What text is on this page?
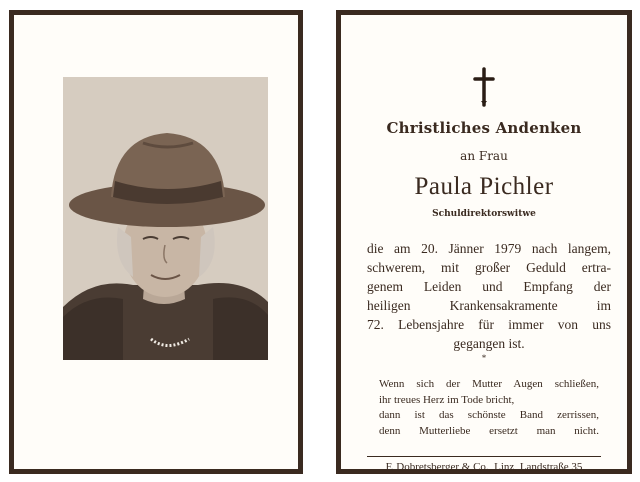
Christliches Andenken
an Frau
Paula Pichler
Schuldirektorswitwe
die am 20. Jänner 1979 nach langem,
schwerem, mit großer Geduld ertra-
genem Leiden und Empfang der
heiligen Krankensakramente im
72. Lebensjahre für immer von uns
gegangen ist.
*
Wenn sich der Mutter Augen schließen,
ihr treues Herz im Tode bricht,
dann ist das schönste Band zerrissen,
denn Mutterliebe ersetzt man nicht.
F. Dobretsberger & Co., Linz, Landstraße 35
